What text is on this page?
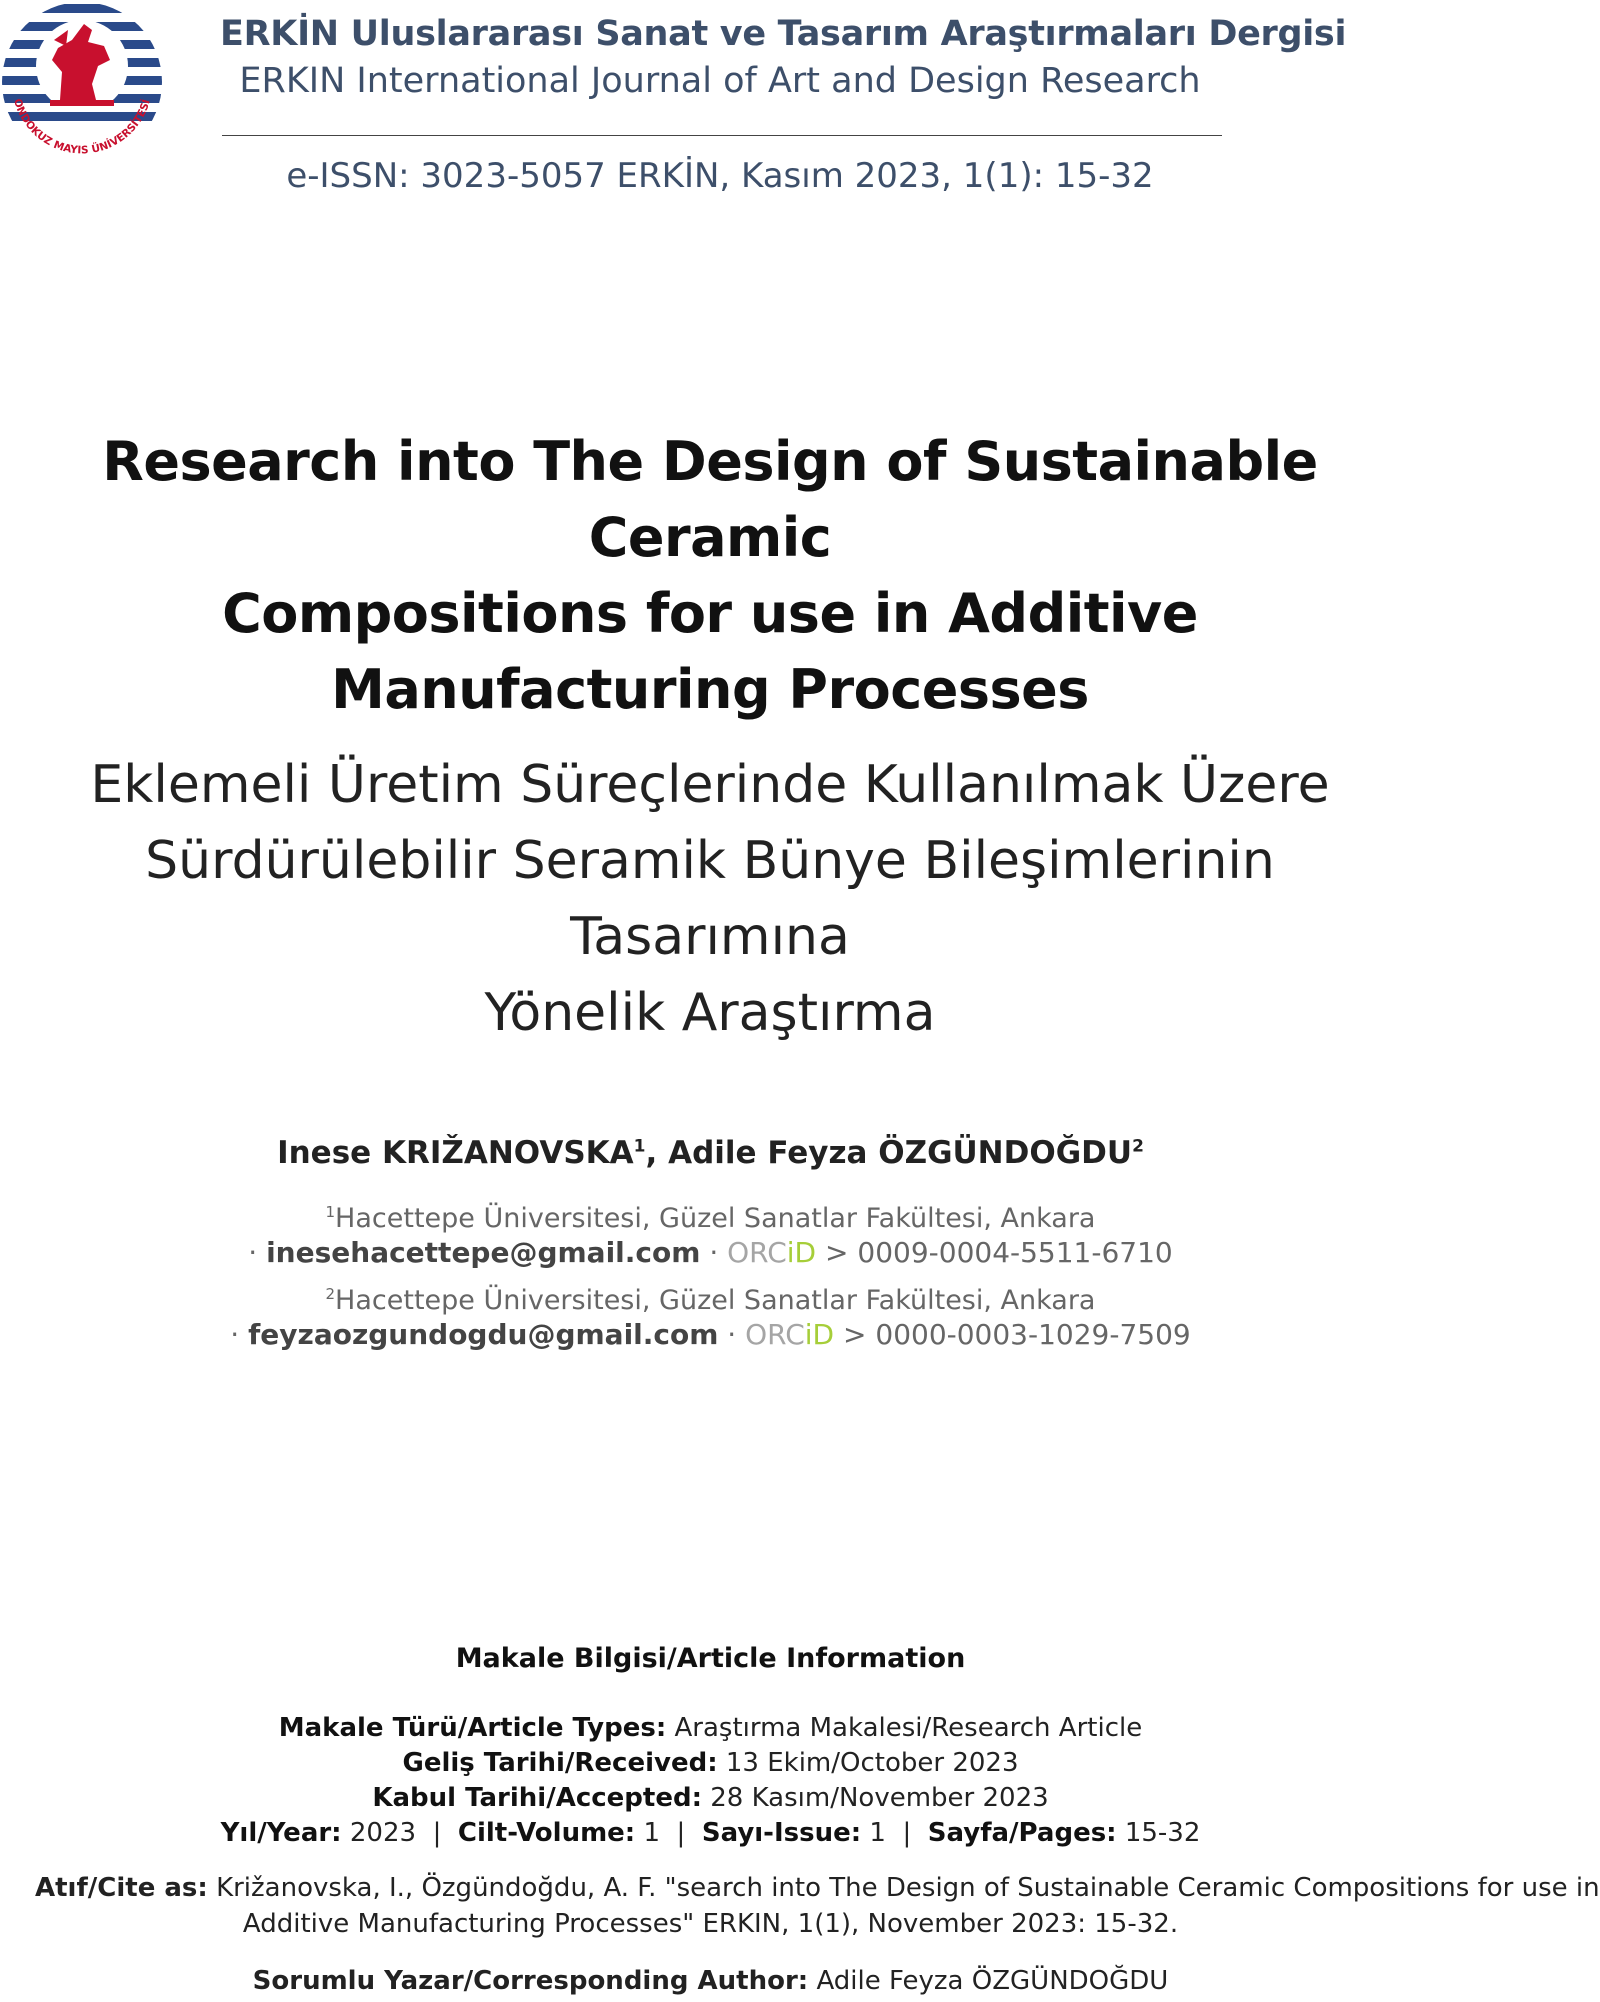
ONDOKUZ MAYIS ÜNİVERSİTESİ
ERKİN Uluslararası Sanat ve Tasarım Araştırmaları Dergisi
ERKIN International Journal of Art and Design Research
e-ISSN: 3023-5057 ERKİN, Kasım 2023, 1(1): 15-32
Research into The Design of Sustainable Ceramic
Compositions for use in Additive
Manufacturing Processes
Eklemeli Üretim Süreçlerinde Kullanılmak Üzere
Sürdürülebilir Seramik Bünye Bileşimlerinin Tasarımına
Yönelik Araştırma
Inese KRIŽANOVSKA$^1$, Adile Feyza ÖZGÜNDOĞDU$^2$
$^1$Hacettepe Üniversitesi, Güzel Sanatlar Fakültesi, Ankara
· inesehacettepe@gmail.com · ORCiD > 0009-0004-5511-6710
$^2$Hacettepe Üniversitesi, Güzel Sanatlar Fakültesi, Ankara
· feyzaozgundogdu@gmail.com · ORCiD > 0000-0003-1029-7509
Makale Bilgisi/Article Information
Makale Türü/Article Types: Araştırma Makalesi/Research Article
Geliş Tarihi/Received: 13 Ekim/October 2023
Kabul Tarihi/Accepted: 28 Kasım/November 2023
Yıl/Year: 2023 | Cilt-Volume: 1 | Sayı-Issue: 1 | Sayfa/Pages: 15-32
Atıf/Cite as: Križanovska, I., Özgündoğdu, A. F. "search into The Design of Sustainable Ceramic Compositions for use in
Additive Manufacturing Processes" ERKIN, 1(1), November 2023: 15-32.
Sorumlu Yazar/Corresponding Author: Adile Feyza ÖZGÜNDOĞDU
